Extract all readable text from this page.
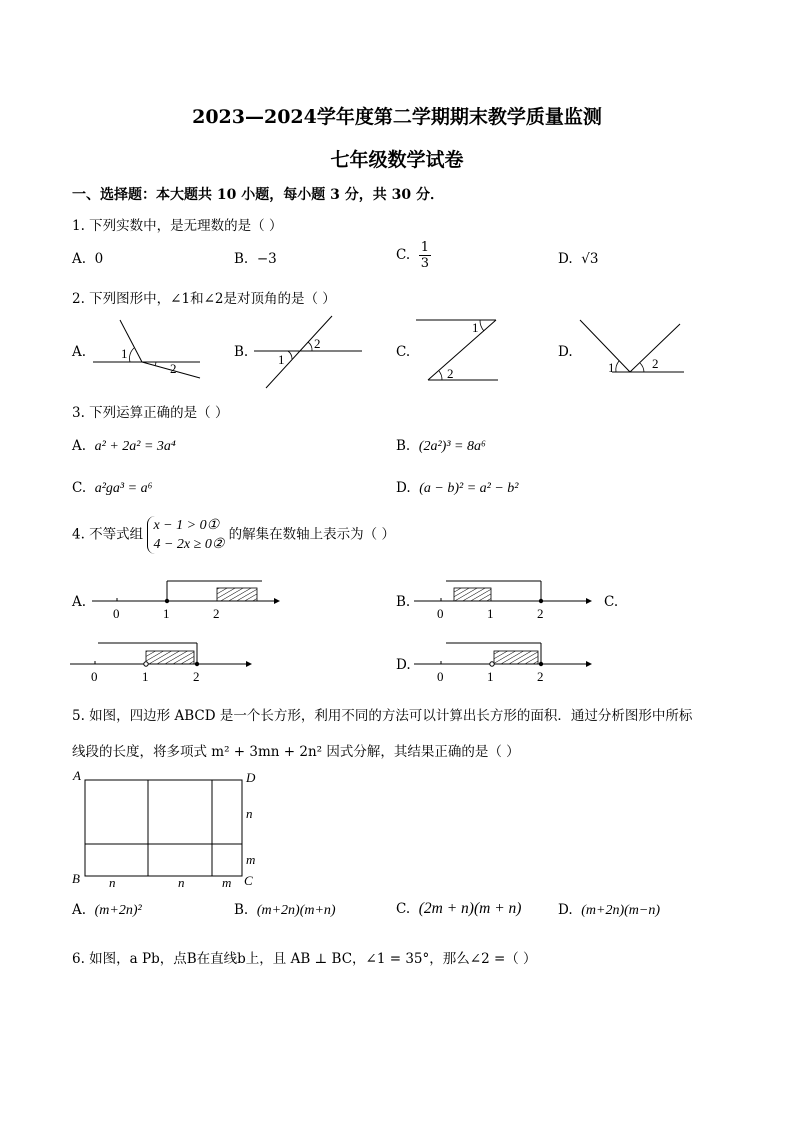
2023—2024学年度第二学期期末教学质量监测
七年级数学试卷
一、选择题：本大题共 10 小题，每小题 3 分，共 30 分．
1. 下列实数中，是无理数的是（ ）
A. 0	B. −3	C. $\frac{1}{3}$	D. √3
2. 下列图形中，∠1和∠2是对顶角的是（ ）
A.	1
2
B. 1
2
C.
1
2
D.
1	2
3. 下列运算正确的是（ ）
A. a² + 2a² = 3a⁴	B. (2a²)³ = 8a⁶
C. a²ga³ = a⁶	D. (a − b)² = a² − b²
4. 不等式组 x − 1 > 0①
4 − 2x ≥ 0② 的解集在数轴上表示为（ ）
A.
0	1	2
B.
0	1	2
C.
0	1	2
D.
0	1	2
5. 如图，四边形 ABCD 是一个长方形，利用不同的方法可以计算出长方形的面积．通过分析图形中所标
线段的长度，将多项式 m² + 3mn + 2n² 因式分解，其结果正确的是（ ）
A	D
B	C
n	n	m
n
m
A. (m+2n)²	B. (m+2n)(m+n)	C. (2m + n)(m + n)	D. (m+2n)(m−n)
6. 如图，a Pb，点B在直线b上，且 AB ⊥ BC，∠1 = 35°，那么∠2 =（ ）
